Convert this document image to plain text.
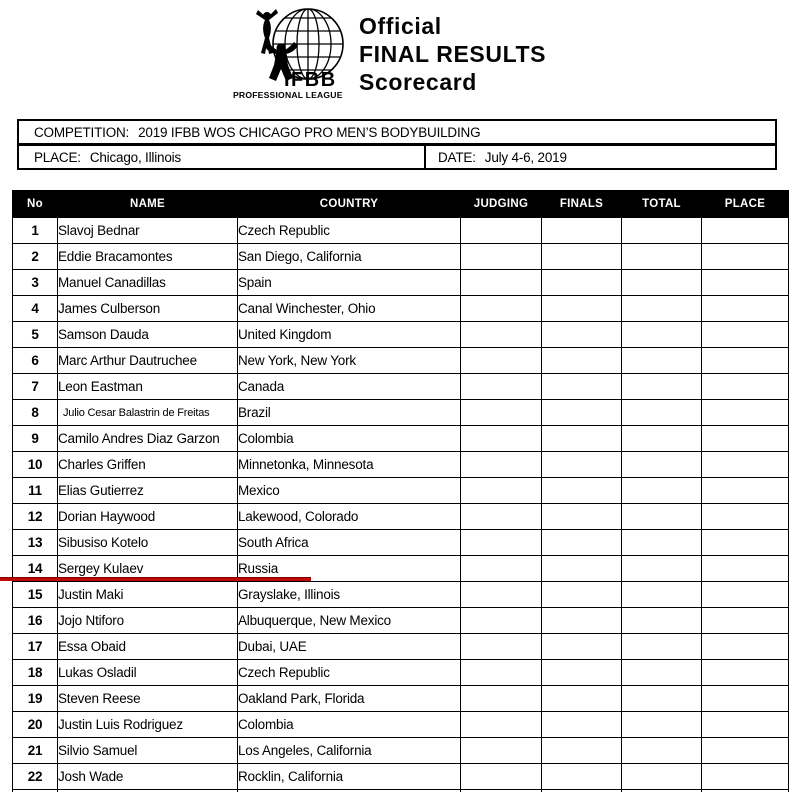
IFBB
PROFESSIONAL LEAGUE
Official
FINAL RESULTS
Scorecard
COMPETITION: 2019 IFBB WOS CHICAGO PRO MEN’S BODYBUILDING
PLACE: Chicago, Illinois	DATE: July 4-6, 2019
No	NAME	COUNTRY	JUDGING	FINALS	TOTAL	PLACE
1	Slavoj Bednar	Czech Republic				
2	Eddie Bracamontes	San Diego, California				
3	Manuel Canadillas	Spain				
4	James Culberson	Canal Winchester, Ohio				
5	Samson Dauda	United Kingdom				
6	Marc Arthur Dautruchee	New York, New York				
7	Leon Eastman	Canada				
8	Julio Cesar Balastrin de Freitas	Brazil				
9	Camilo Andres Diaz Garzon	Colombia				
10	Charles Griffen	Minnetonka, Minnesota				
11	Elias Gutierrez	Mexico				
12	Dorian Haywood	Lakewood, Colorado				
13	Sibusiso Kotelo	South Africa				
14	Sergey Kulaev	Russia				
15	Justin Maki	Grayslake, Illinois				
16	Jojo Ntiforo	Albuquerque, New Mexico				
17	Essa Obaid	Dubai, UAE				
18	Lukas Osladil	Czech Republic				
19	Steven Reese	Oakland Park, Florida				
20	Justin Luis Rodriguez	Colombia				
21	Silvio Samuel	Los Angeles, California				
22	Josh Wade	Rocklin, California				
